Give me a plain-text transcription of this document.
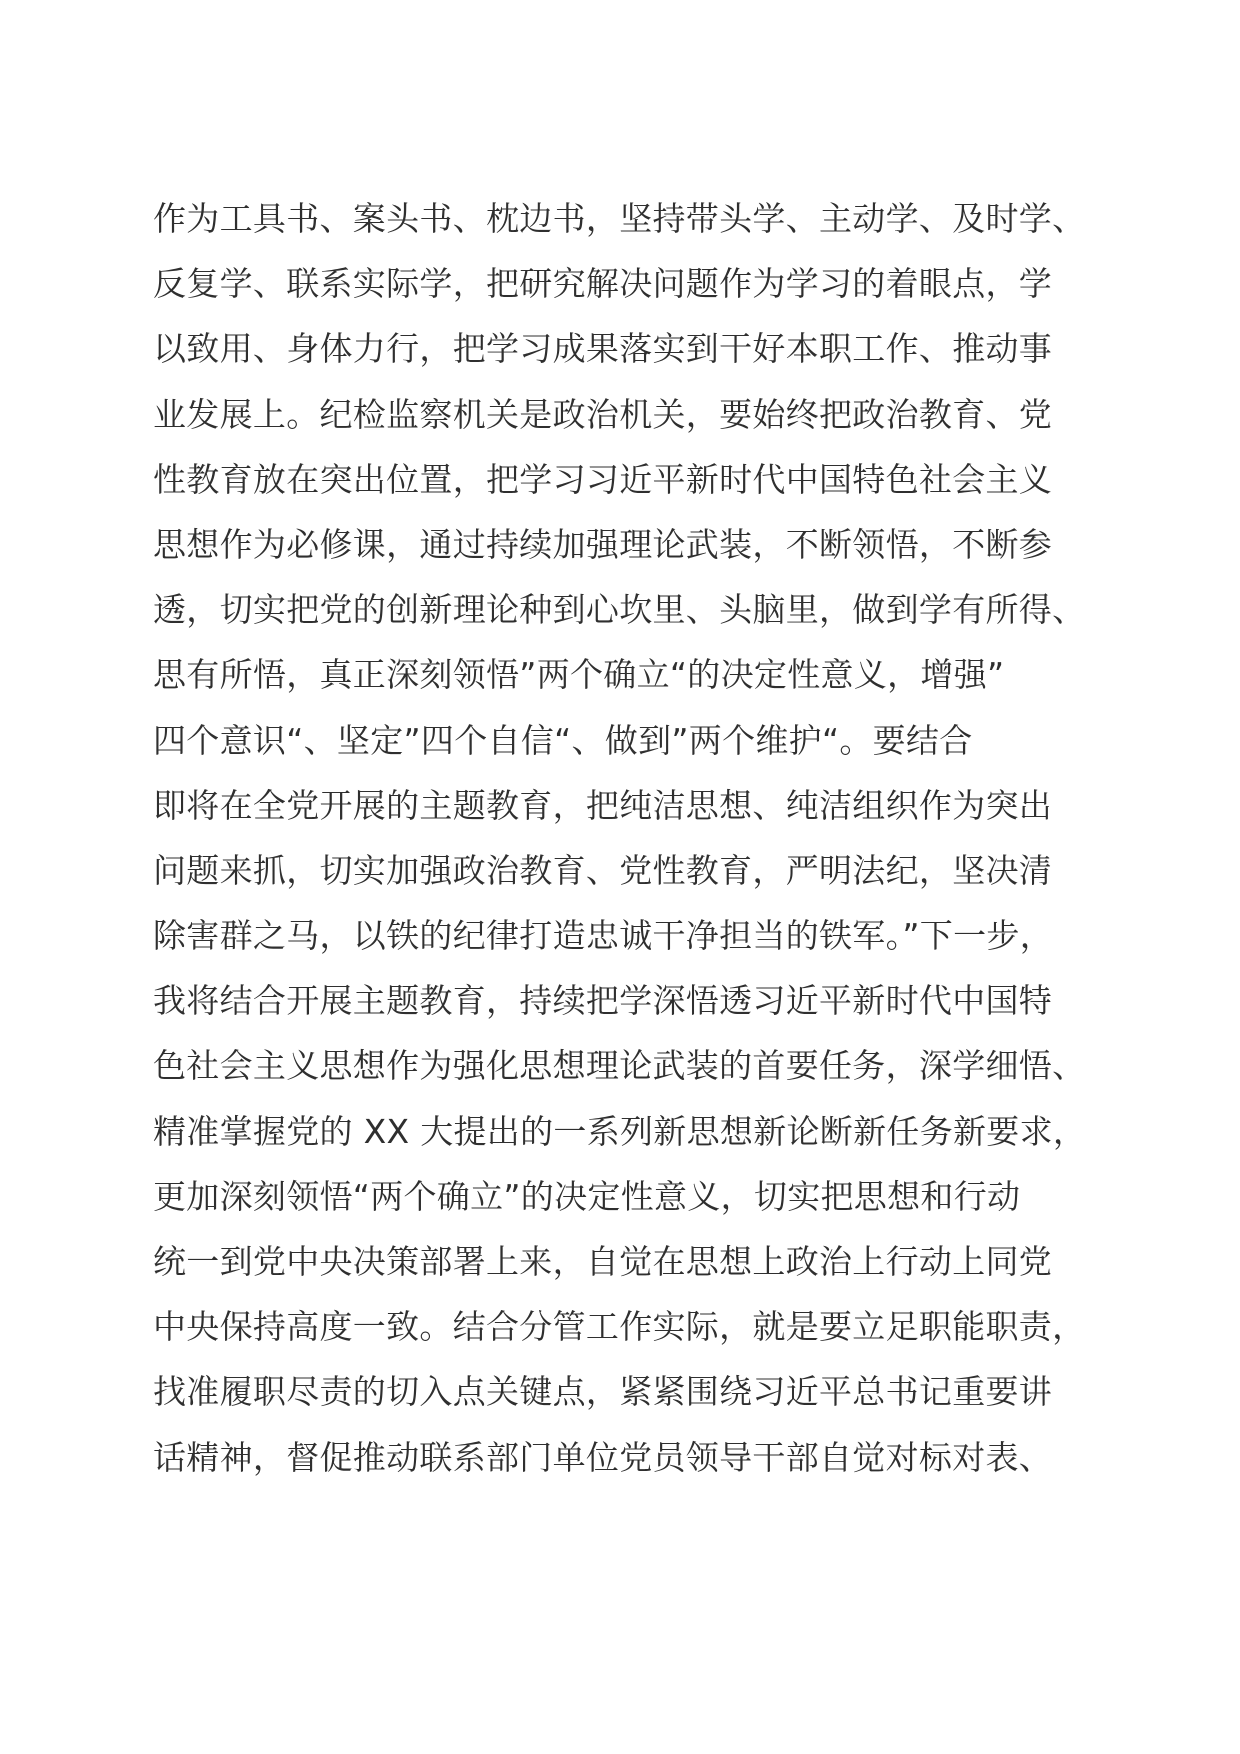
作为工具书、案头书、枕边书，坚持带头学、主动学、及时学、
反复学、联系实际学，把研究解决问题作为学习的着眼点，学
以致用、身体力行，把学习成果落实到干好本职工作、推动事
业发展上。纪检监察机关是政治机关，要始终把政治教育、党
性教育放在突出位置，把学习习近平新时代中国特色社会主义
思想作为必修课，通过持续加强理论武装，不断领悟，不断参
透，切实把党的创新理论种到心坎里、头脑里，做到学有所得、
思有所悟，真正深刻领悟”两个确立“的决定性意义，增强”
四个意识“、坚定”四个自信“、做到”两个维护“。要结合
即将在全党开展的主题教育，把纯洁思想、纯洁组织作为突出
问题来抓，切实加强政治教育、党性教育，严明法纪，坚决清
除害群之马，以铁的纪律打造忠诚干净担当的铁军。”下一步，
我将结合开展主题教育，持续把学深悟透习近平新时代中国特
色社会主义思想作为强化思想理论武装的首要任务，深学细悟、
精准掌握党的 XX 大提出的一系列新思想新论断新任务新要求，
更加深刻领悟“两个确立”的决定性意义，切实把思想和行动
统一到党中央决策部署上来，自觉在思想上政治上行动上同党
中央保持高度一致。结合分管工作实际，就是要立足职能职责，
找准履职尽责的切入点关键点，紧紧围绕习近平总书记重要讲
话精神，督促推动联系部门单位党员领导干部自觉对标对表、
